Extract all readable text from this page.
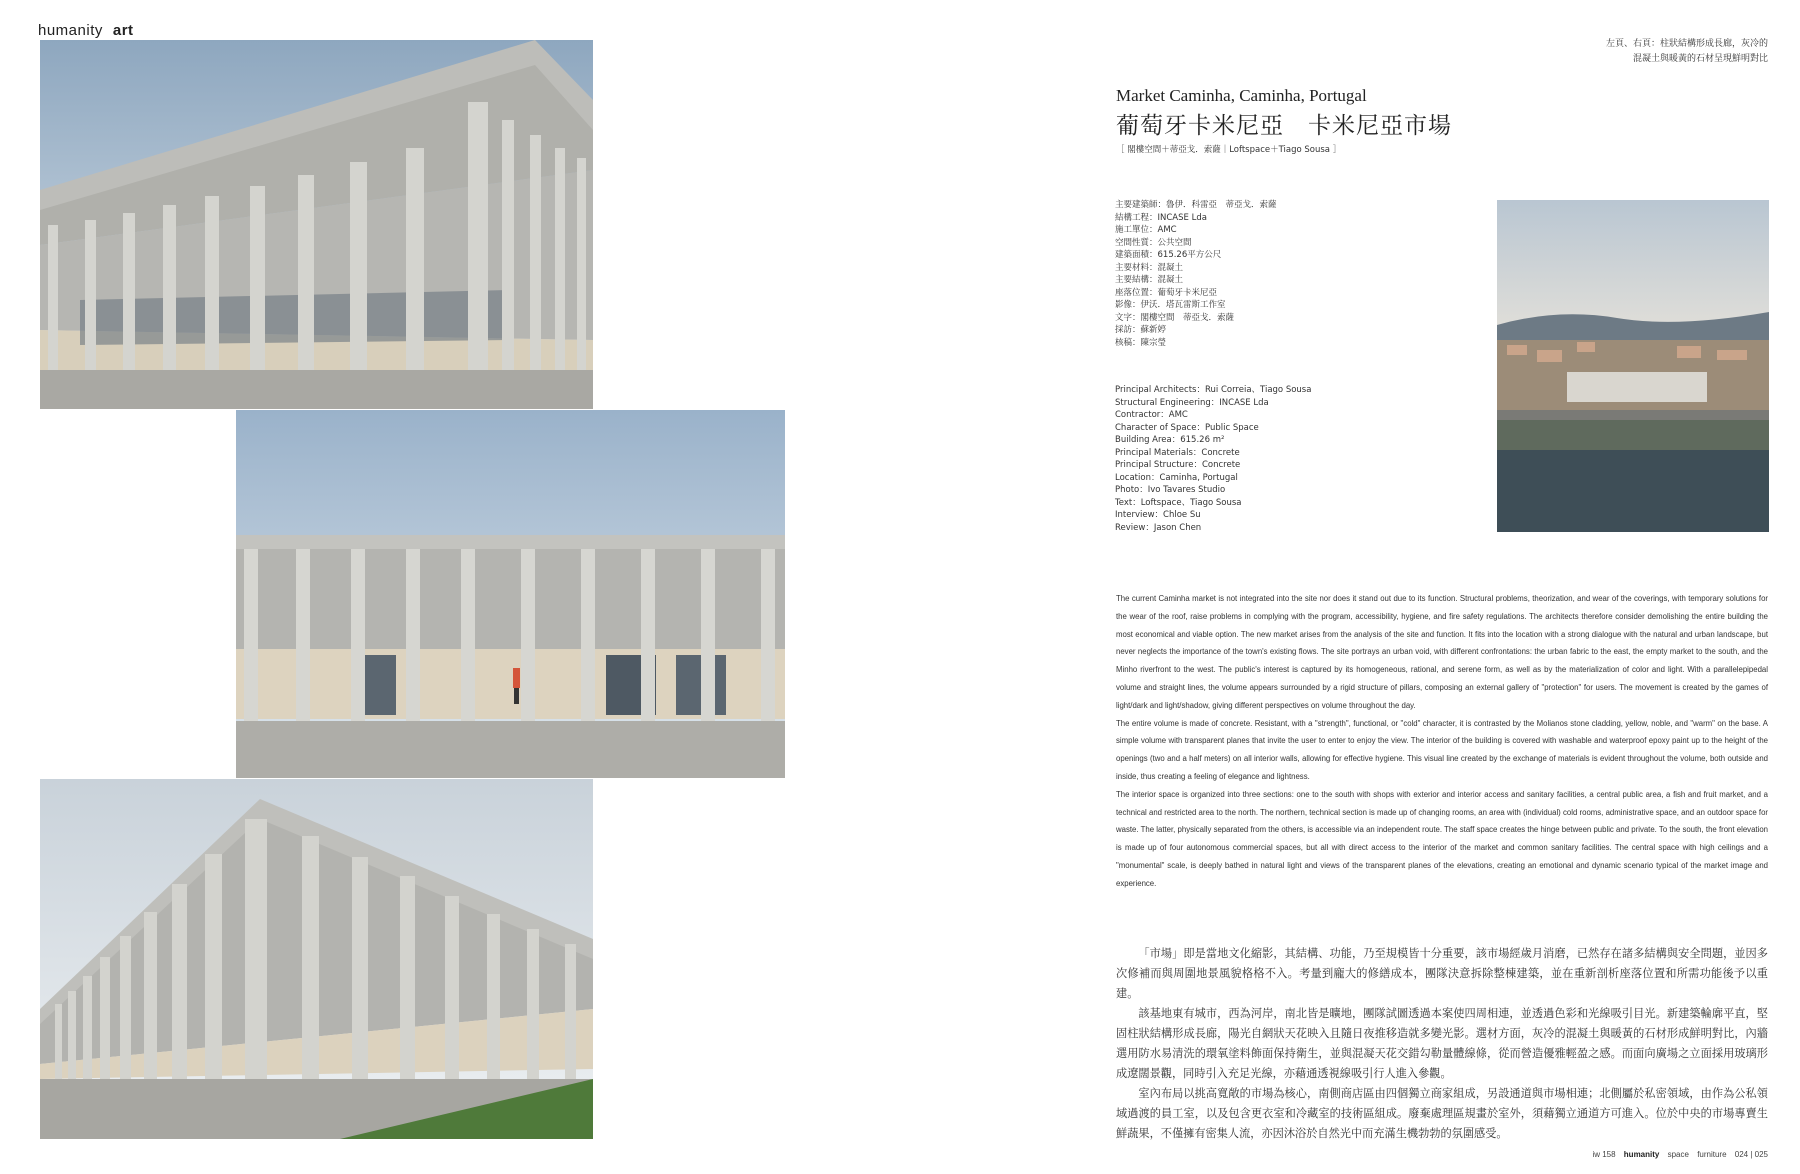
humanity art
左頁、右頁：柱狀結構形成長廊，灰冷的
混凝土與暖黃的石材呈現鮮明對比
Market Caminha, Caminha, Portugal
葡萄牙卡米尼亞　卡米尼亞市場
［ 閣樓空間＋蒂亞戈．索薩｜Loftspace＋Tiago Sousa ］
主要建築師：魯伊．科雷亞　蒂亞戈．索薩
結構工程：INCASE Lda
施工單位：AMC
空間性質：公共空間
建築面積：615.26平方公尺
主要材料：混凝土
主要結構：混凝土
座落位置：葡萄牙卡米尼亞
影像：伊沃．塔瓦雷斯工作室
文字：閣樓空間　蒂亞戈．索薩
採訪：蘇新婷
核稿：陳宗瑩
Principal Architects：Rui Correia、Tiago Sousa
Structural Engineering：INCASE Lda
Contractor：AMC
Character of Space：Public Space
Building Area：615.26 m²
Principal Materials：Concrete
Principal Structure：Concrete
Location：Caminha, Portugal
Photo：Ivo Tavares Studio
Text：Loftspace、Tiago Sousa
Interview：Chloe Su
Review：Jason Chen

The current Caminha market is not integrated into the site nor does it stand out due to its function. Structural problems, theorization, and wear of the coverings, with temporary solutions for the wear of the roof, raise problems in complying with the program, accessibility, hygiene, and fire safety regulations. The architects therefore consider demolishing the entire building the most economical and viable option. The new market arises from the analysis of the site and function. It fits into the location with a strong dialogue with the natural and urban landscape, but never neglects the importance of the town's existing flows. The site portrays an urban void, with different confrontations: the urban fabric to the east, the empty market to the south, and the Minho riverfront to the west. The public's interest is captured by its homogeneous, rational, and serene form, as well as by the materialization of color and light. With a parallelepipedal volume and straight lines, the volume appears surrounded by a rigid structure of pillars, composing an external gallery of "protection" for users. The movement is created by the games of light/dark and light/shadow, giving different perspectives on volume throughout the day.

The entire volume is made of concrete. Resistant, with a "strength", functional, or "cold" character, it is contrasted by the Molianos stone cladding, yellow, noble, and "warm" on the base. A simple volume with transparent planes that invite the user to enter to enjoy the view. The interior of the building is covered with washable and waterproof epoxy paint up to the height of the openings (two and a half meters) on all interior walls, allowing for effective hygiene. This visual line created by the exchange of materials is evident throughout the volume, both outside and inside, thus creating a feeling of elegance and lightness.

The interior space is organized into three sections: one to the south with shops with exterior and interior access and sanitary facilities, a central public area, a fish and fruit market, and a technical and restricted area to the north. The northern, technical section is made up of changing rooms, an area with (individual) cold rooms, administrative space, and an outdoor space for waste. The latter, physically separated from the others, is accessible via an independent route. The staff space creates the hinge between public and private. To the south, the front elevation is made up of four autonomous commercial spaces, but all with direct access to the interior of the market and common sanitary facilities. The central space with high ceilings and a "monumental" scale, is deeply bathed in natural light and views of the transparent planes of the elevations, creating an emotional and dynamic scenario typical of the market image and experience.

「市場」即是當地文化縮影，其結構、功能，乃至規模皆十分重要，該市場經歲月消磨，已然存在諸多結構與安全問題，並因多次修補而與周圍地景風貌格格不入。考量到龐大的修繕成本，團隊決意拆除整棟建築，並在重新剖析座落位置和所需功能後予以重建。

該基地東有城市，西為河岸，南北皆是曠地，團隊試圖透過本案使四周相連，並透過色彩和光線吸引目光。新建築輪廓平直，堅固柱狀結構形成長廊，陽光自網狀天花映入且隨日夜推移造就多變光影。選材方面，灰冷的混凝土與暖黃的石材形成鮮明對比，內牆選用防水易清洗的環氧塗料飾面保持衛生，並與混凝天花交錯勾勒量體線條，從而營造優雅輕盈之感。而面向廣場之立面採用玻璃形成遼闊景觀，同時引入充足光線，亦藉通透視線吸引行人進入參觀。

室內布局以挑高寬敞的市場為核心，南側商店區由四個獨立商家組成，另設通道與市場相連；北側屬於私密領域，由作為公私領域過渡的員工室，以及包含更衣室和冷藏室的技術區組成。廢棄處理區規畫於室外，須藉獨立通道方可進入。位於中央的市場專賣生鮮蔬果，不僅擁有密集人流，亦因沐浴於自然光中而充滿生機勃勃的氛圍感受。

iw 158 humanity space furniture 024 | 025
